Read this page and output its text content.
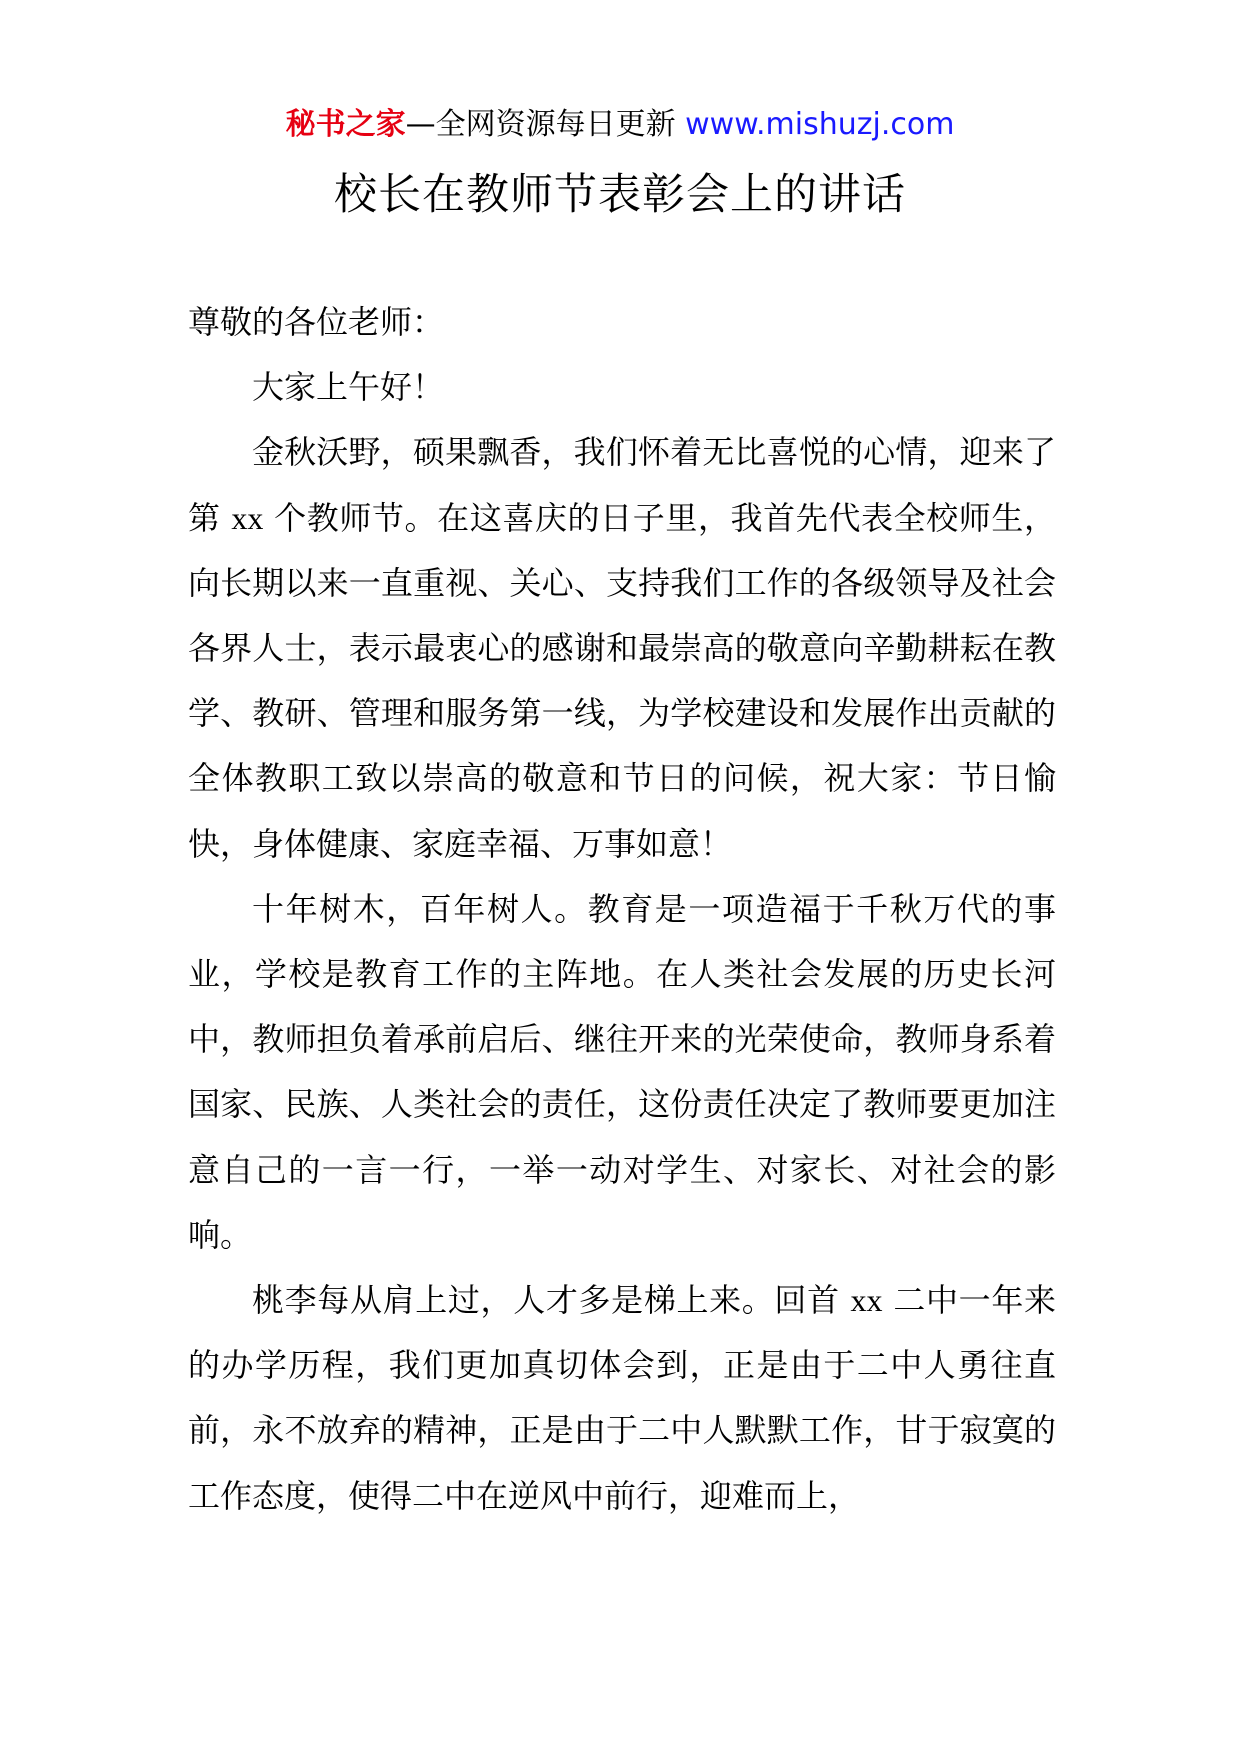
秘书之家—全网资源每日更新 www.mishuzj.com
校长在教师节表彰会上的讲话

尊敬的各位老师：

大家上午好！

金秋沃野，硕果飘香，我们怀着无比喜悦的心情，迎来了第 xx 个教师节。在这喜庆的日子里，我首先代表全校师生，向长期以来一直重视、关心、支持我们工作的各级领导及社会各界人士，表示最衷心的感谢和最崇高的敬意向辛勤耕耘在教学、教研、管理和服务第一线，为学校建设和发展作出贡献的全体教职工致以崇高的敬意和节日的问候，祝大家：节日愉快，身体健康、家庭幸福、万事如意！

十年树木，百年树人。教育是一项造福于千秋万代的事业，学校是教育工作的主阵地。在人类社会发展的历史长河中，教师担负着承前启后、继往开来的光荣使命，教师身系着国家、民族、人类社会的责任，这份责任决定了教师要更加注意自己的一言一行，一举一动对学生、对家长、对社会的影响。

桃李每从肩上过，人才多是梯上来。回首 xx 二中一年来的办学历程，我们更加真切体会到，正是由于二中人勇往直前，永不放弃的精神，正是由于二中人默默工作，甘于寂寞的工作态度，使得二中在逆风中前行，迎难而上，
